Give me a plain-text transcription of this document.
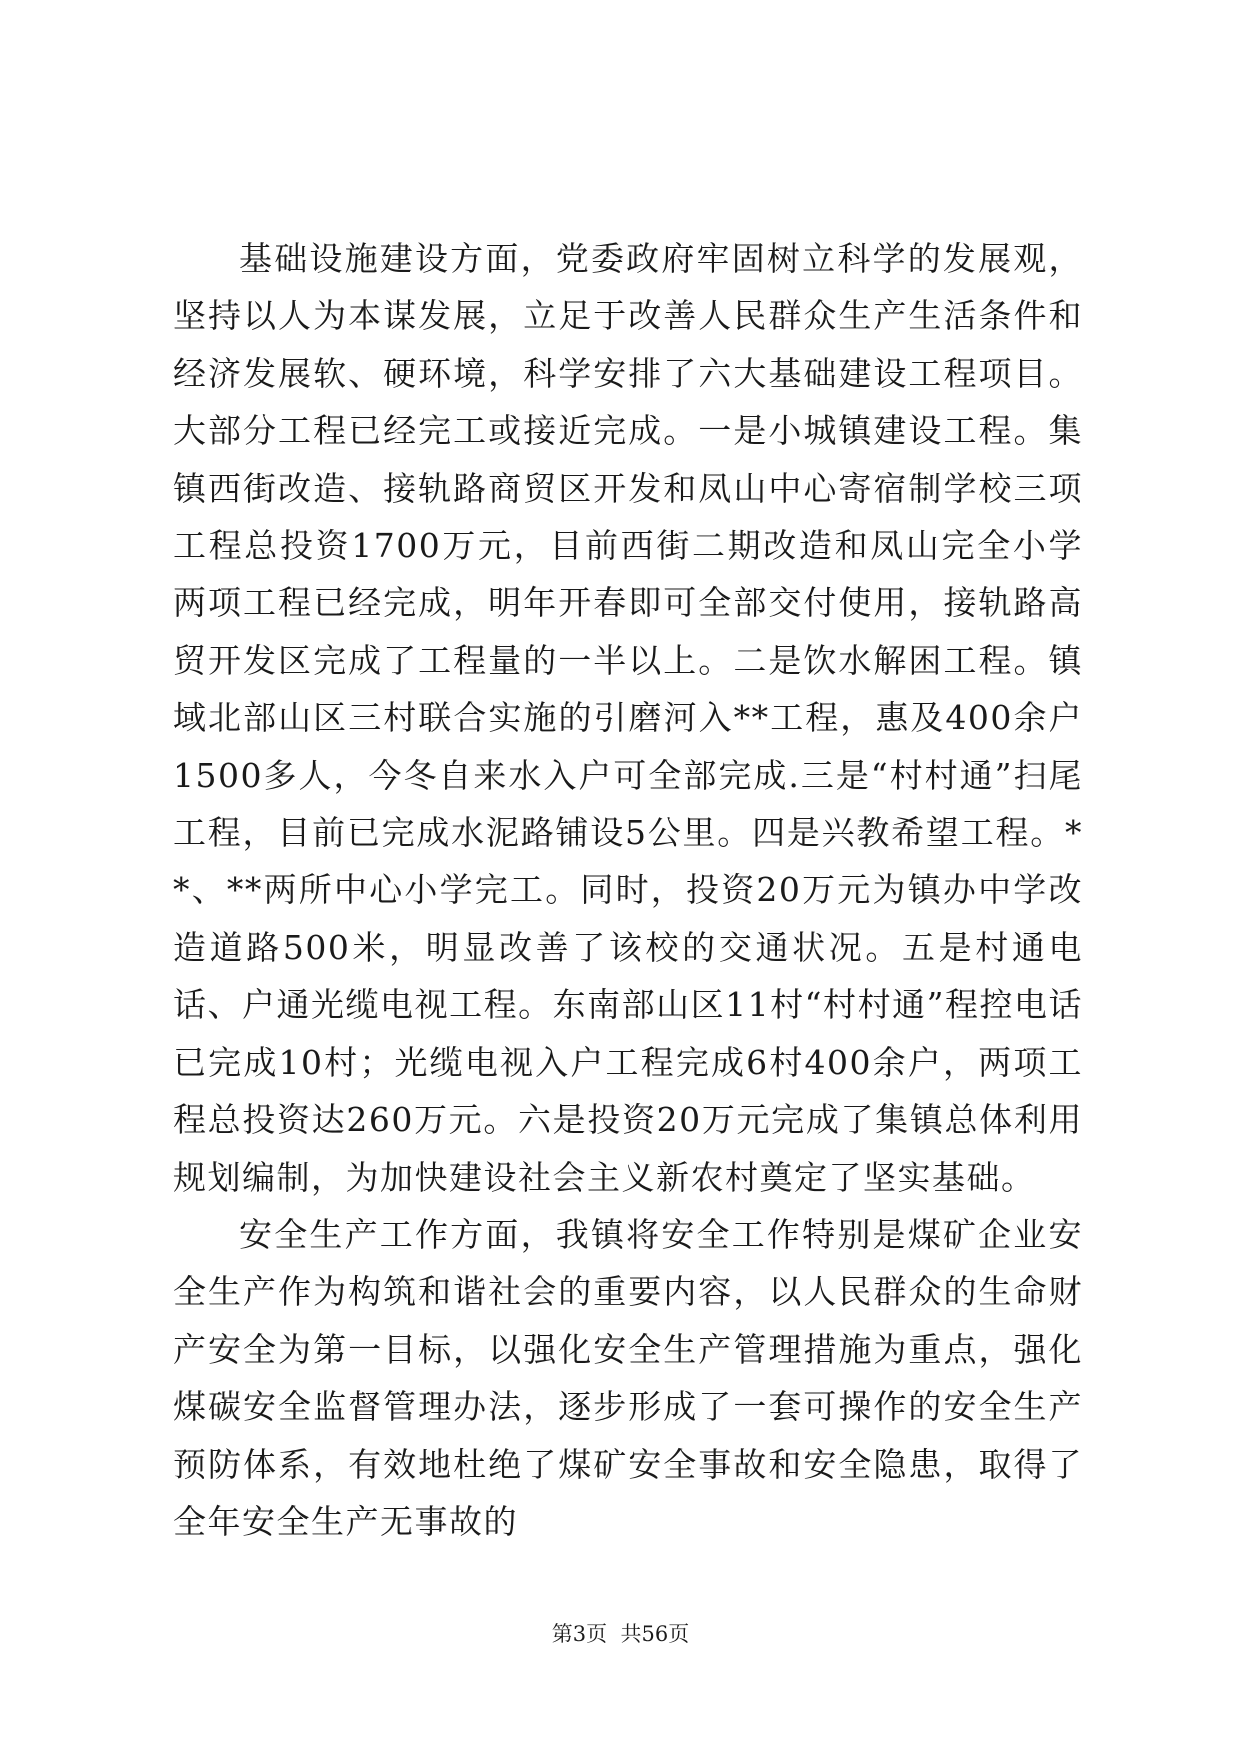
基础设施建设方面，党委政府牢固树立科学的发展观，坚持以人为本谋发展，立足于改善人民群众生产生活条件和经济发展软、硬环境，科学安排了六大基础建设工程项目。大部分工程已经完工或接近完成。一是小城镇建设工程。集镇西街改造、接轨路商贸区开发和凤山中心寄宿制学校三项工程总投资1700万元，目前西街二期改造和凤山完全小学两项工程已经完成，明年开春即可全部交付使用，接轨路高贸开发区完成了工程量的一半以上。二是饮水解困工程。镇域北部山区三村联合实施的引磨河入**工程，惠及400余户1500多人，今冬自来水入户可全部完成.三是“村村通”扫尾工程，目前已完成水泥路铺设5公里。四是兴教希望工程。**、**两所中心小学完工。同时，投资20万元为镇办中学改造道路500米，明显改善了该校的交通状况。五是村通电话、户通光缆电视工程。东南部山区11村“村村通”程控电话已完成10村；光缆电视入户工程完成6村400余户，两项工程总投资达260万元。六是投资20万元完成了集镇总体利用规划编制，为加快建设社会主义新农村奠定了坚实基础。

安全生产工作方面，我镇将安全工作特别是煤矿企业安全生产作为构筑和谐社会的重要内容，以人民群众的生命财产安全为第一目标，以强化安全生产管理措施为重点，强化煤碳安全监督管理办法，逐步形成了一套可操作的安全生产预防体系，有效地杜绝了煤矿安全事故和安全隐患，取得了全年安全生产无事故的

第3页  共56页
